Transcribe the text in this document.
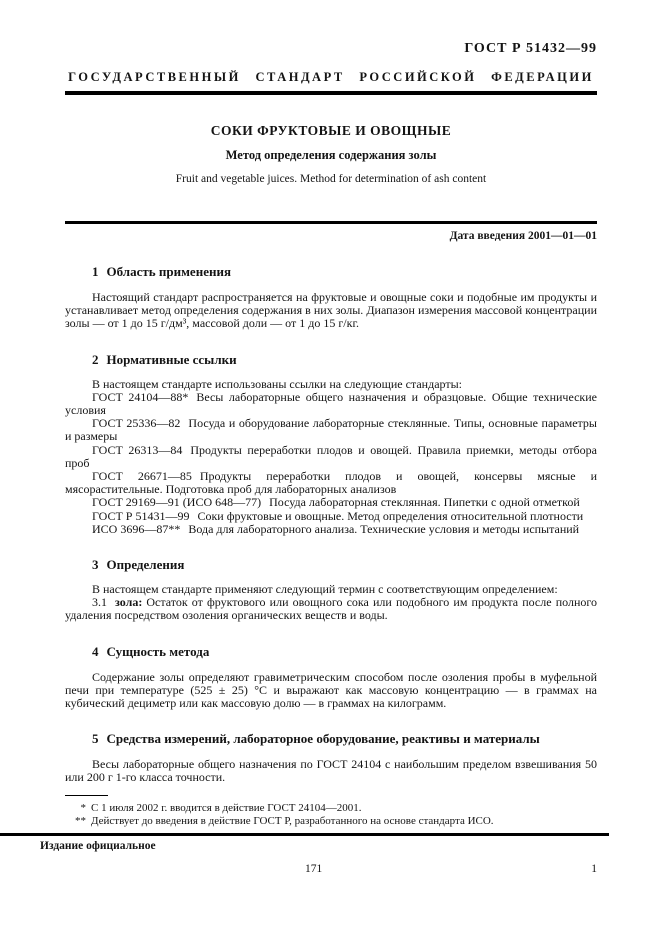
ГОСТ Р 51432—99
ГОСУДАРСТВЕННЫЙ СТАНДАРТ РОССИЙСКОЙ ФЕДЕРАЦИИ
СОКИ ФРУКТОВЫЕ И ОВОЩНЫЕ
Метод определения содержания золы
Fruit and vegetable juices. Method for determination of ash content
Дата введения 2001—01—01
1 Область применения

Настоящий стандарт распространяется на фруктовые и овощные соки и подобные им продукты и устанавливает метод определения содержания в них золы. Диапазон измерения массовой концентрации золы — от 1 до 15 г/дм³, массовой доли — от 1 до 15 г/кг.

2 Нормативные ссылки

В настоящем стандарте использованы ссылки на следующие стандарты:

ГОСТ 24104—88* Весы лабораторные общего назначения и образцовые. Общие технические условия

ГОСТ 25336—82 Посуда и оборудование лабораторные стеклянные. Типы, основные параметры и размеры

ГОСТ 26313—84 Продукты переработки плодов и овощей. Правила приемки, методы отбора проб

ГОСТ 26671—85 Продукты переработки плодов и овощей, консервы мясные и мясорастительные. Подготовка проб для лабораторных анализов

ГОСТ 29169—91 (ИСО 648—77) Посуда лабораторная стеклянная. Пипетки с одной отметкой

ГОСТ Р 51431—99 Соки фруктовые и овощные. Метод определения относительной плотности

ИСО 3696—87** Вода для лабораторного анализа. Технические условия и методы испытаний

3 Определения

В настоящем стандарте применяют следующий термин с соответствующим определением:

3.1 зола: Остаток от фруктового или овощного сока или подобного им продукта после полного удаления посредством озоления органических веществ и воды.

4 Сущность метода

Содержание золы определяют гравиметрическим способом после озоления пробы в муфельной печи при температуре (525 ± 25) °С и выражают как массовую концентрацию — в граммах на кубический дециметр или как массовую долю — в граммах на килограмм.

5 Средства измерений, лабораторное оборудование, реактивы и материалы

Весы лабораторные общего назначения по ГОСТ 24104 с наибольшим пределом взвешивания 50 или 200 г 1-го класса точности.

* С 1 июля 2002 г. вводится в действие ГОСТ 24104—2001.
** Действует до введения в действие ГОСТ Р, разработанного на основе стандарта ИСО.
Издание официальное
171	1
